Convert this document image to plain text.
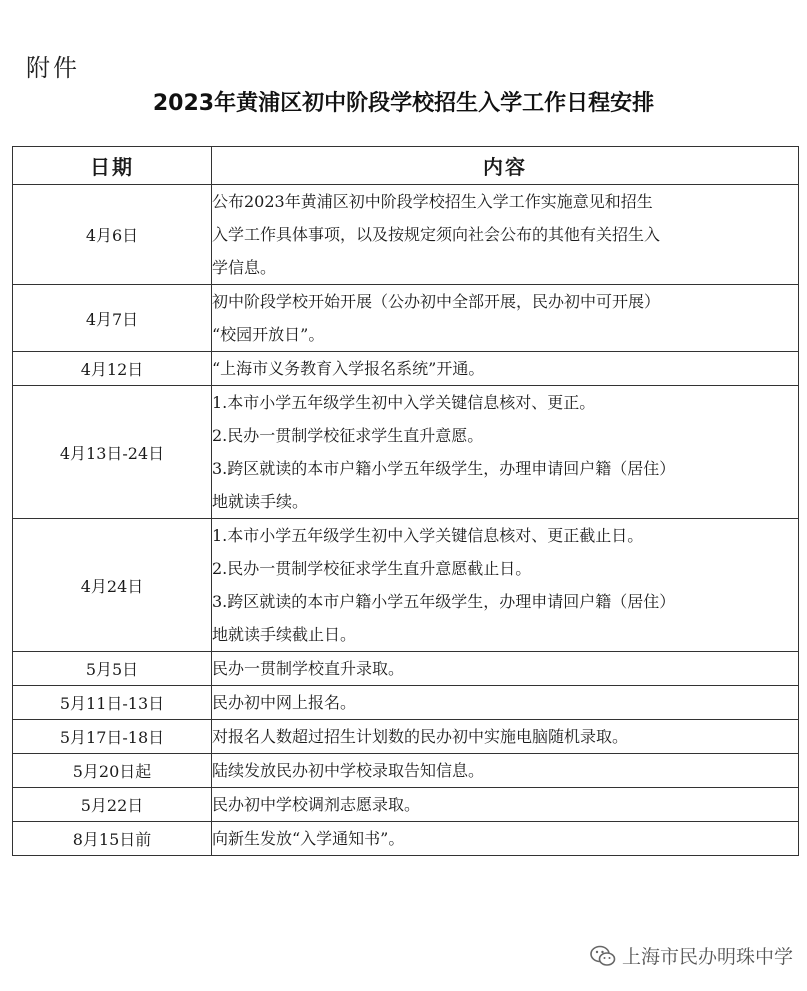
附件
2023年黄浦区初中阶段学校招生入学工作日程安排
日期	内容
4月6日	公布2023年黄浦区初中阶段学校招生入学工作实施意见和招生
入学工作具体事项，以及按规定须向社会公布的其他有关招生入
学信息。

4月7日	初中阶段学校开始开展（公办初中全部开展，民办初中可开展）
“校园开放日”。

4月12日	“上海市义务教育入学报名系统”开通。

4月13日-24日	1.本市小学五年级学生初中入学关键信息核对、更正。
2.民办一贯制学校征求学生直升意愿。
3.跨区就读的本市户籍小学五年级学生，办理申请回户籍（居住）
地就读手续。

4月24日	1.本市小学五年级学生初中入学关键信息核对、更正截止日。
2.民办一贯制学校征求学生直升意愿截止日。
3.跨区就读的本市户籍小学五年级学生，办理申请回户籍（居住）
地就读手续截止日。

5月5日	民办一贯制学校直升录取。

5月11日-13日	民办初中网上报名。

5月17日-18日	对报名人数超过招生计划数的民办初中实施电脑随机录取。

5月20日起	陆续发放民办初中学校录取告知信息。

5月22日	民办初中学校调剂志愿录取。

8月15日前	向新生发放“入学通知书”。
上海市民办明珠中学
